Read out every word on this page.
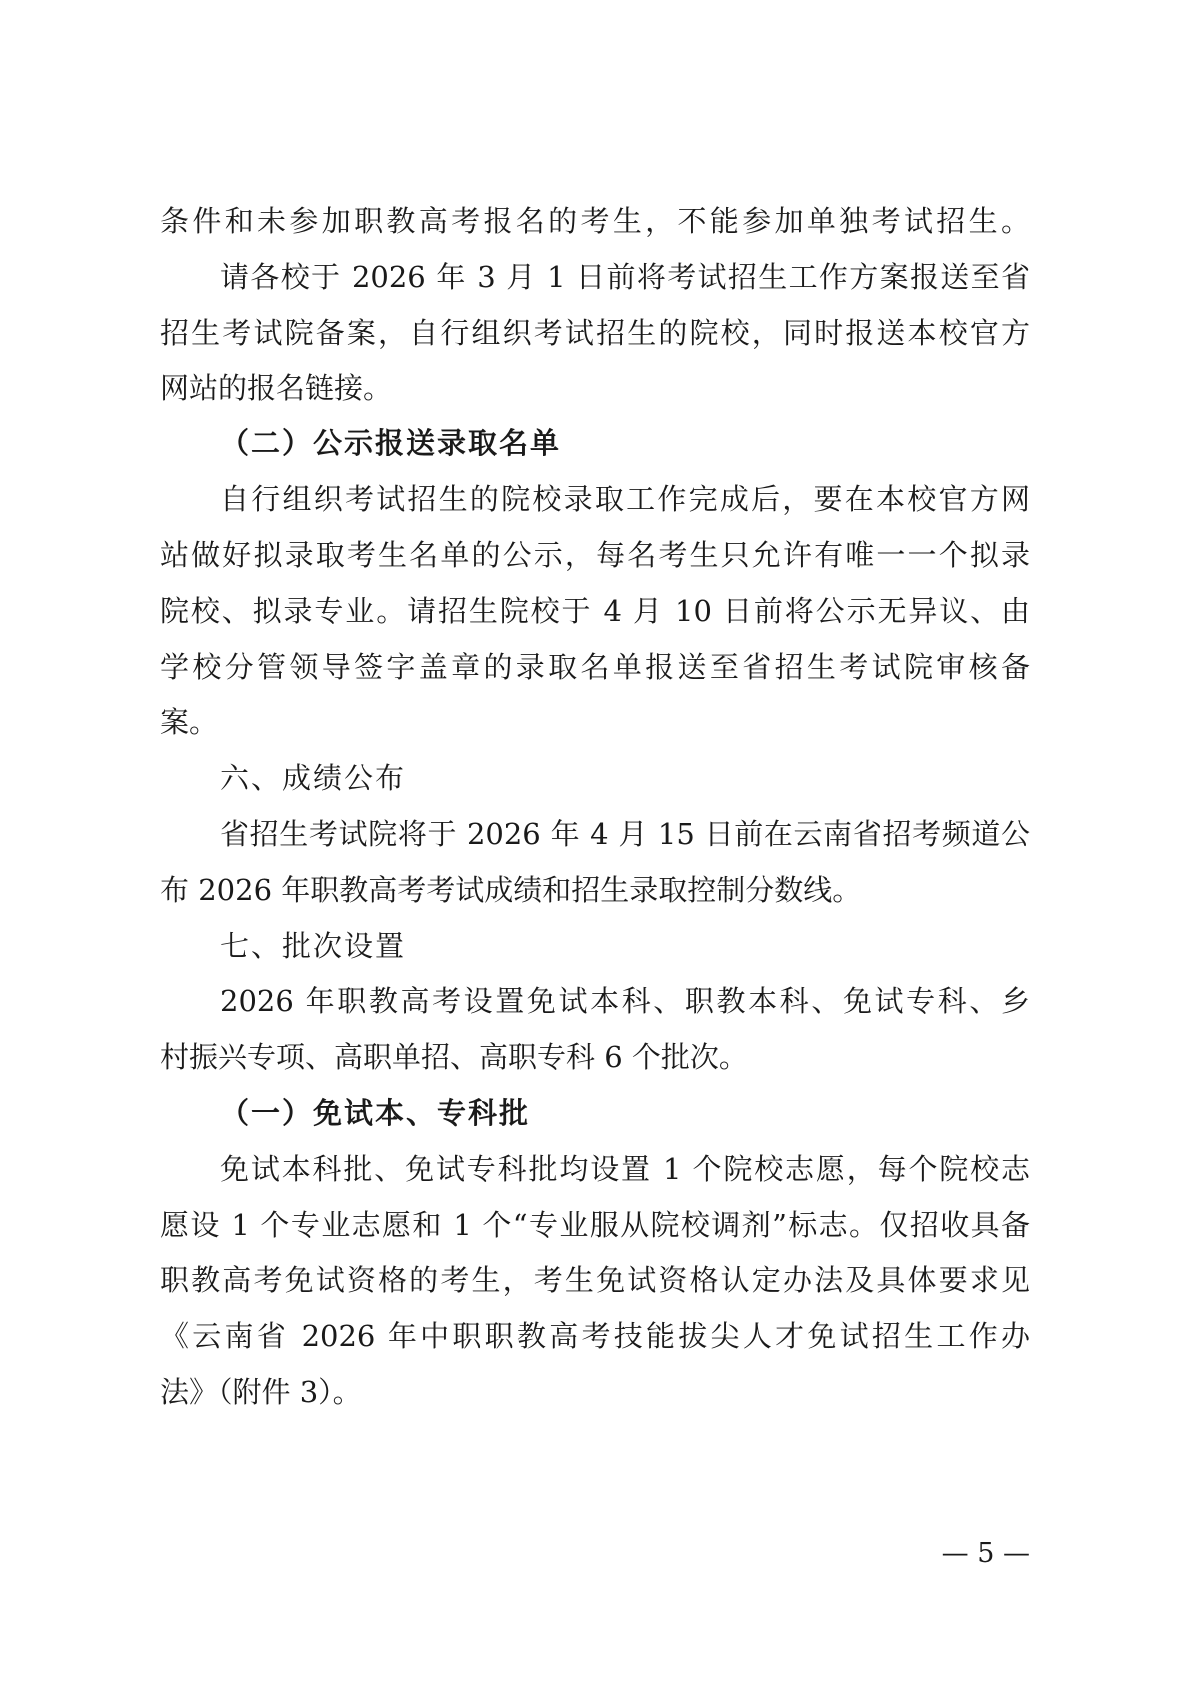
条件和未参加职教高考报名的考生，不能参加单独考试招生。
请各校于 2026 年 3 月 1 日前将考试招生工作方案报送至省
招生考试院备案，自行组织考试招生的院校，同时报送本校官方
网站的报名链接。
（二）公示报送录取名单
自行组织考试招生的院校录取工作完成后，要在本校官方网
站做好拟录取考生名单的公示，每名考生只允许有唯一一个拟录
院校、拟录专业。请招生院校于 4 月 10 日前将公示无异议、由
学校分管领导签字盖章的录取名单报送至省招生考试院审核备
案。
六、成绩公布
省招生考试院将于 2026 年 4 月 15 日前在云南省招考频道公
布 2026 年职教高考考试成绩和招生录取控制分数线。
七、批次设置
2026 年职教高考设置免试本科、职教本科、免试专科、乡
村振兴专项、高职单招、高职专科 6 个批次。
（一）免试本、专科批
免试本科批、免试专科批均设置 1 个院校志愿，每个院校志
愿设 1 个专业志愿和 1 个“专业服从院校调剂”标志。仅招收具备
职教高考免试资格的考生，考生免试资格认定办法及具体要求见
《云南省 2026 年中职职教高考技能拔尖人才免试招生工作办
法》（附件 3）。
— 5 —
